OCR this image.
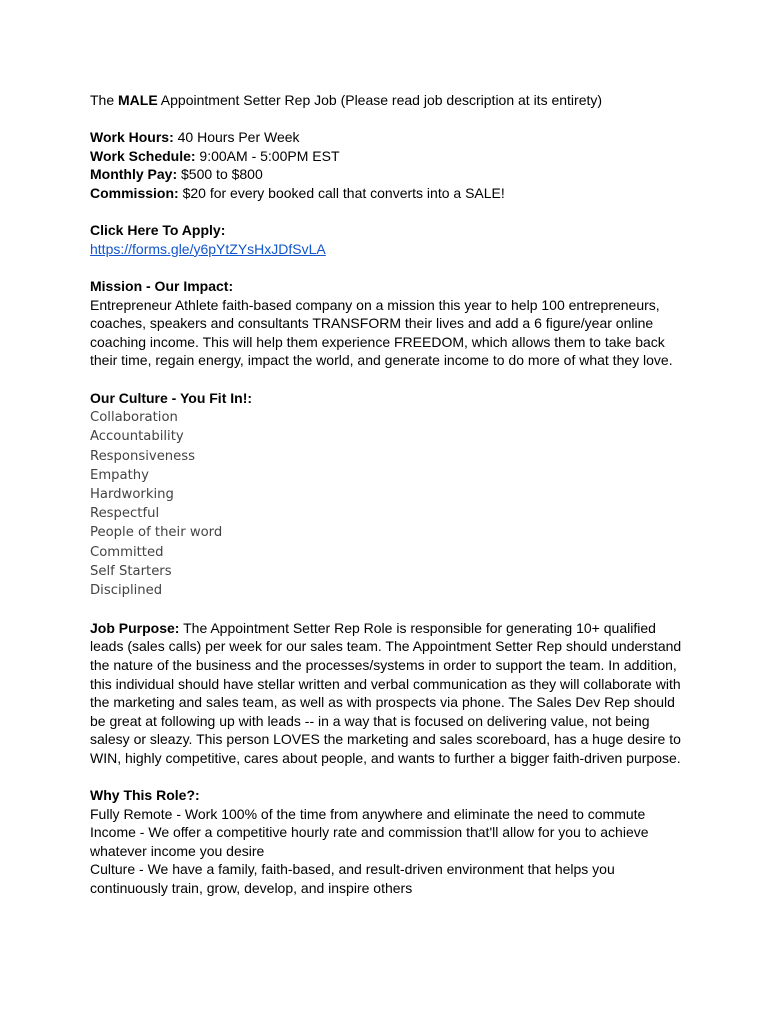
The MALE Appointment Setter Rep Job (Please read job description at its entirety)
Work Hours: 40 Hours Per Week
Work Schedule: 9:00AM - 5:00PM EST
Monthly Pay: $500 to $800
Commission: $20 for every booked call that converts into a SALE!
Click Here To Apply:
https://forms.gle/y6pYtZYsHxJDfSvLA
Mission - Our Impact:
Entrepreneur Athlete faith-based company on a mission this year to help 100 entrepreneurs,
coaches, speakers and consultants TRANSFORM their lives and add a 6 figure/year online
coaching income. This will help them experience FREEDOM, which allows them to take back
their time, regain energy, impact the world, and generate income to do more of what they love.
Our Culture - You Fit In!:
Collaboration
Accountability
Responsiveness
Empathy
Hardworking
Respectful
People of their word
Committed
Self Starters
Disciplined
Job Purpose: The Appointment Setter Rep Role is responsible for generating 10+ qualified
leads (sales calls) per week for our sales team. The Appointment Setter Rep should understand
the nature of the business and the processes/systems in order to support the team. In addition,
this individual should have stellar written and verbal communication as they will collaborate with
the marketing and sales team, as well as with prospects via phone. The Sales Dev Rep should
be great at following up with leads -- in a way that is focused on delivering value, not being
salesy or sleazy. This person LOVES the marketing and sales scoreboard, has a huge desire to
WIN, highly competitive, cares about people, and wants to further a bigger faith-driven purpose.
Why This Role?:
Fully Remote - Work 100% of the time from anywhere and eliminate the need to commute
Income - We offer a competitive hourly rate and commission that'll allow for you to achieve
whatever income you desire
Culture - We have a family, faith-based, and result-driven environment that helps you
continuously train, grow, develop, and inspire others
